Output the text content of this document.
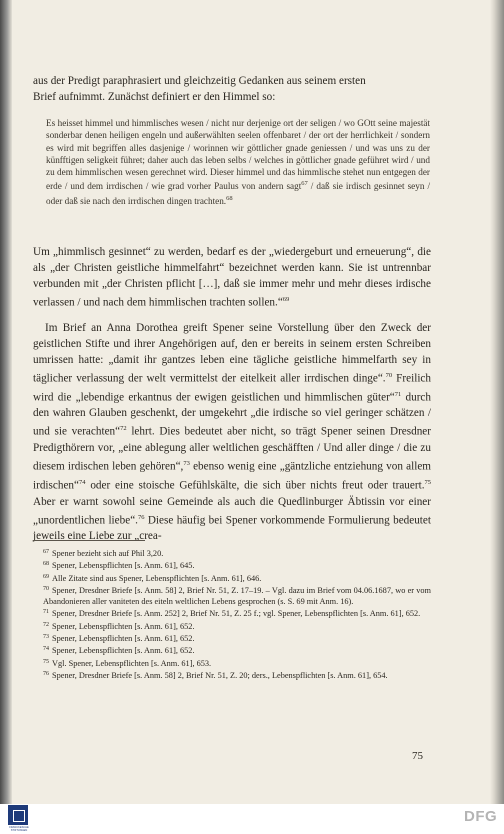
aus der Predigt paraphrasiert und gleichzeitig Gedanken aus seinem ersten
Brief aufnimmt. Zunächst definiert er den Himmel so:

Es heisset himmel und himmlisches wesen / nicht nur derjenige ort der seligen / wo GOtt seine majestät sonderbar denen heiligen engeln und außerwählten seelen offenbaret / der ort der herrlichkeit / sondern es wird mit begriffen alles dasjenige / worinnen wir göttlicher gnade geniessen / und was uns zu der künfftigen seligkeit führet; daher auch das leben selbs / welches in göttlicher gnade geführet wird / und zu dem himmlischen wesen gerechnet wird. Dieser himmel und das himmlische stehet nun entgegen der erde / und dem irrdischen / wie grad vorher Paulus von andern sagt$^{67}$ / daß sie irdisch gesinnet seyn / oder daß sie nach den irrdischen dingen trachten.$^{68}$

Um „himmlisch gesinnet“ zu werden, bedarf es der „wiedergeburt und erneuerung“, die als „der Christen geistliche himmelfahrt“ bezeichnet werden kann. Sie ist untrennbar verbunden mit „der Christen pflicht […], daß sie immer mehr und mehr dieses irdische verlassen / und nach dem himmlischen trachten sollen.“$^{69}$

Im Brief an Anna Dorothea greift Spener seine Vorstellung über den Zweck der geistlichen Stifte und ihrer Angehörigen auf, den er bereits in seinem ersten Schreiben umrissen hatte: „damit ihr gantzes leben eine tägliche geistliche himmelfarth sey in täglicher verlassung der welt vermittelst der eitelkeit aller irrdischen dinge“.$^{70}$ Freilich wird die „lebendige erkantnus der ewigen geistlichen und himmlischen güter“$^{71}$ durch den wahren Glauben geschenkt, der umgekehrt „die irdische so viel geringer schätzen / und sie verachten“$^{72}$ lehrt. Dies bedeutet aber nicht, so trägt Spener seinen Dresdner Predigthörern vor, „eine ablegung aller weltlichen geschäfften / Und aller dinge / die zu diesem irdischen leben gehören“,$^{73}$ ebenso wenig eine „gäntzliche entziehung von allem irdischen“$^{74}$ oder eine stoische Gefühlskälte, die sich über nichts freut oder trauert.$^{75}$ Aber er warnt sowohl seine Gemeinde als auch die Quedlinburger Äbtissin vor einer „unordentlichen liebe“.$^{76}$ Diese häufig bei Spener vorkommende Formulierung bedeutet jeweils eine Liebe zur „crea-

$^{67}$ Spener bezieht sich auf Phil 3,20.
$^{68}$ Spener, Lebenspflichten [s. Anm. 61], 645.
$^{69}$ Alle Zitate sind aus Spener, Lebenspflichten [s. Anm. 61], 646.
$^{70}$ Spener, Dresdner Briefe [s. Anm. 58] 2, Brief Nr. 51, Z. 17–19. – Vgl. dazu im Brief vom 04.06.1687, wo er vom Abandonieren aller vaniteten des eiteln weltlichen Lebens gesprochen (s. S. 69 mit Anm. 16).
$^{71}$ Spener, Dresdner Briefe [s. Anm. 252] 2, Brief Nr. 51, Z. 25 f.; vgl. Spener, Lebenspflichten [s. Anm. 61], 652.
$^{72}$ Spener, Lebenspflichten [s. Anm. 61], 652.
$^{73}$ Spener, Lebenspflichten [s. Anm. 61], 652.
$^{74}$ Spener, Lebenspflichten [s. Anm. 61], 652.
$^{75}$ Vgl. Spener, Lebenspflichten [s. Anm. 61], 653.
$^{76}$ Spener, Dresdner Briefe [s. Anm. 58] 2, Brief Nr. 51, Z. 20; ders., Lebenspflichten [s. Anm. 61], 654.
75
FRANCKESCHE STIFTUNGEN
DFG
